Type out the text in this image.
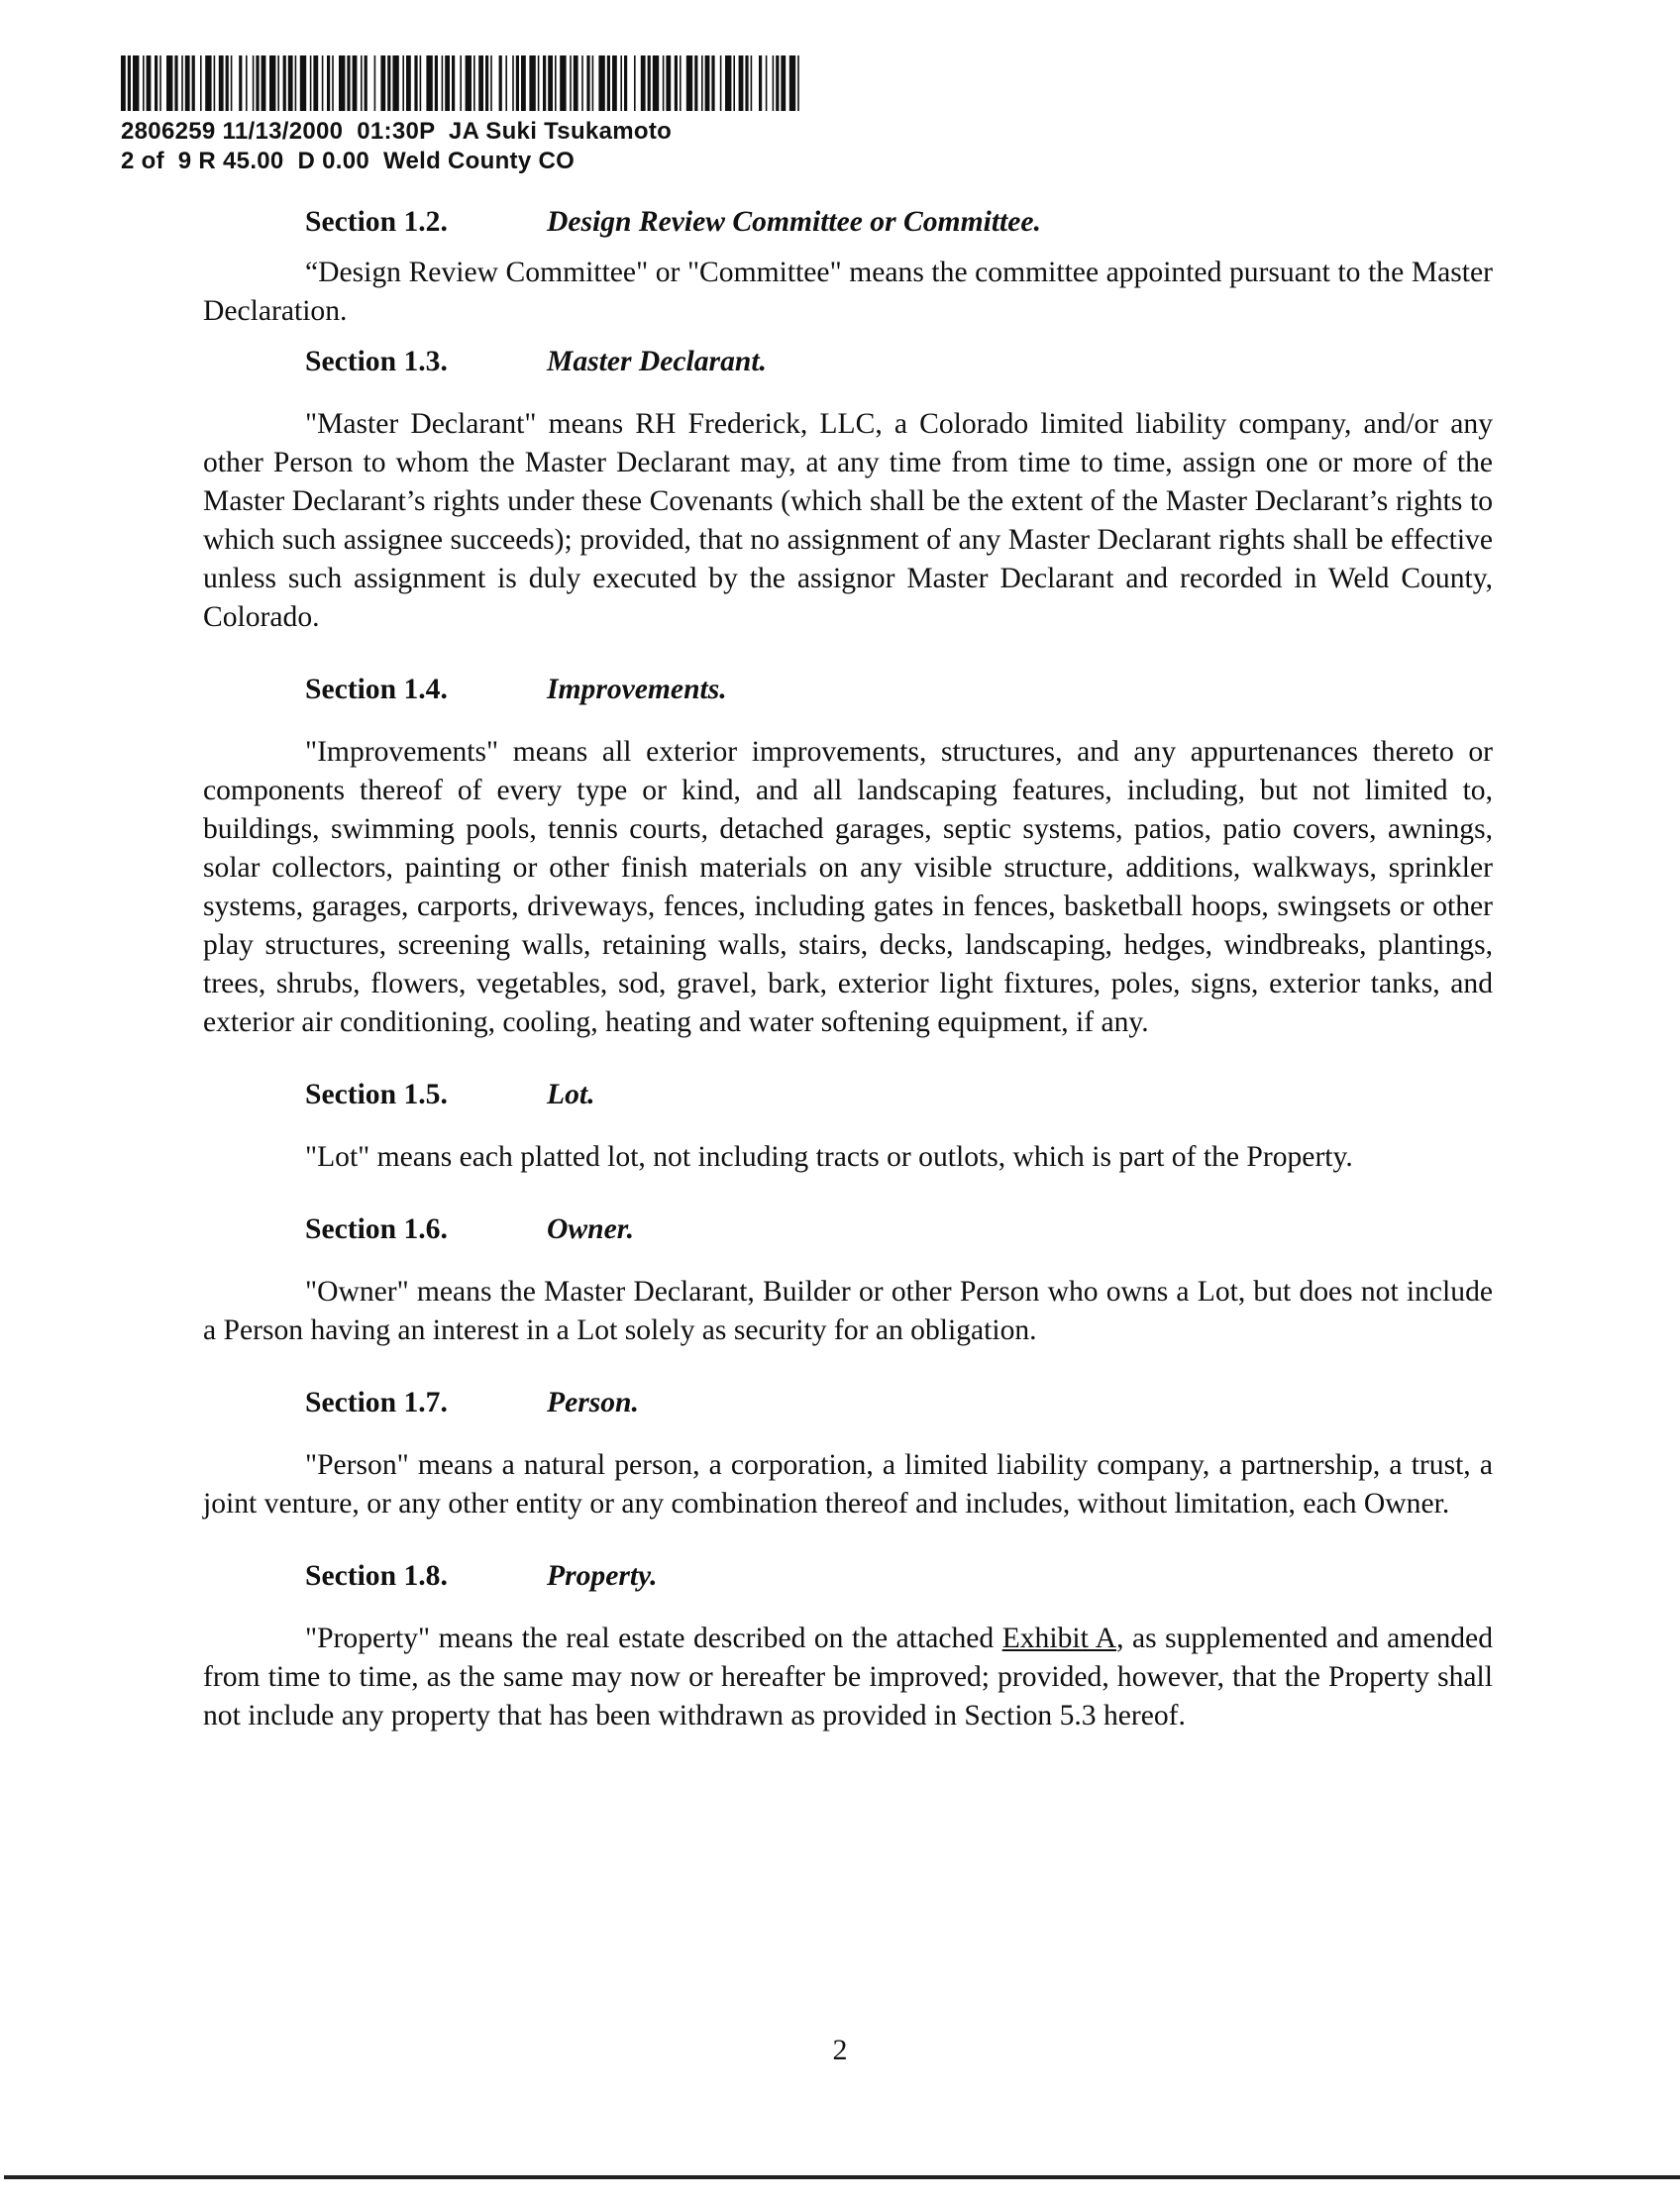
2806259 11/13/2000  01:30P  JA Suki Tsukamoto
2 of  9 R 45.00  D 0.00  Weld County CO
Section 1.2.	Design Review Committee or Committee.

“Design Review Committee" or "Committee" means the committee appointed pursuant to the Master Declaration.

Section 1.3.	Master Declarant.

"Master Declarant" means RH Frederick, LLC, a Colorado limited liability company, and/or any other Person to whom the Master Declarant may, at any time from time to time, assign one or more of the Master Declarant’s rights under these Covenants (which shall be the extent of the Master Declarant’s rights to which such assignee succeeds); provided, that no assignment of any Master Declarant rights shall be effective unless such assignment is duly executed by the assignor Master Declarant and recorded in Weld County, Colorado.

Section 1.4.	Improvements.

"Improvements" means all exterior improvements, structures, and any appurtenances thereto or components thereof of every type or kind, and all landscaping features, including, but not limited to, buildings, swimming pools, tennis courts, detached garages, septic systems, patios, patio covers, awnings, solar collectors, painting or other finish materials on any visible structure, additions, walkways, sprinkler systems, garages, carports, driveways, fences, including gates in fences, basketball hoops, swingsets or other play structures, screening walls, retaining walls, stairs, decks, landscaping, hedges, windbreaks, plantings, trees, shrubs, flowers, vegetables, sod, gravel, bark, exterior light fixtures, poles, signs, exterior tanks, and exterior air conditioning, cooling, heating and water softening equipment, if any.

Section 1.5.	Lot.

"Lot" means each platted lot, not including tracts or outlots, which is part of the Property.

Section 1.6.	Owner.

"Owner" means the Master Declarant, Builder or other Person who owns a Lot, but does not include a Person having an interest in a Lot solely as security for an obligation.

Section 1.7.	Person.

"Person" means a natural person, a corporation, a limited liability company, a partnership, a trust, a joint venture, or any other entity or any combination thereof and includes, without limitation, each Owner.

Section 1.8.	Property.

"Property" means the real estate described on the attached Exhibit A, as supplemented and amended from time to time, as the same may now or hereafter be improved; provided, however, that the Property shall not include any property that has been withdrawn as provided in Section 5.3 hereof.

2
